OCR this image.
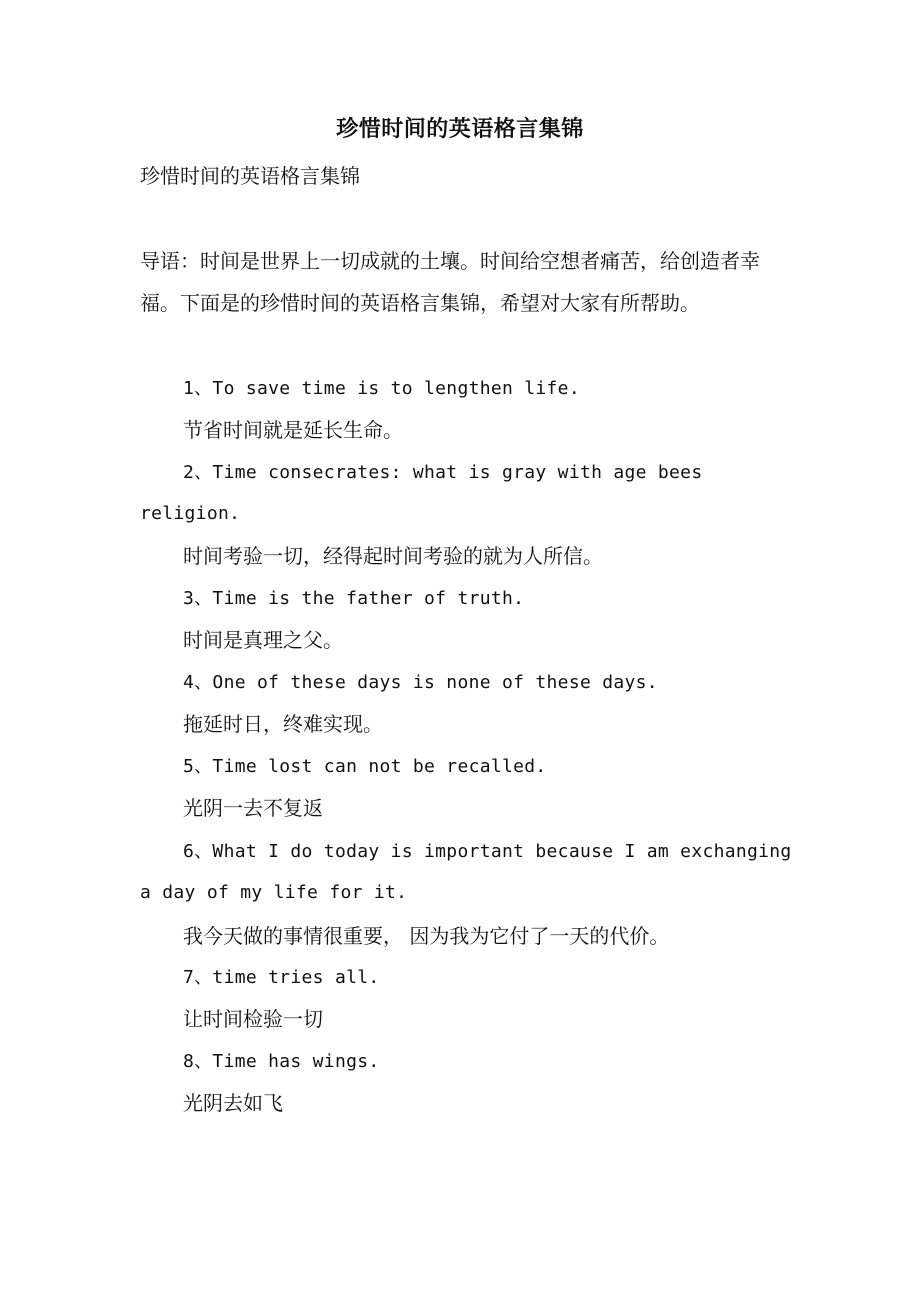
珍惜时间的英语格言集锦
珍惜时间的英语格言集锦
导语：时间是世界上一切成就的土壤。时间给空想者痛苦，给创造者幸福。下面是的珍惜时间的英语格言集锦，希望对大家有所帮助。
1、To save time is to lengthen life.
节省时间就是延长生命。
2、Time consecrates: what is gray with age bees
religion.
时间考验一切，经得起时间考验的就为人所信。
3、Time is the father of truth.
时间是真理之父。
4、One of these days is none of these days.
拖延时日，终难实现。
5、Time lost can not be recalled.
光阴一去不复返
6、What I do today is important because I am exchanging
a day of my life for it.
我今天做的事情很重要， 因为我为它付了一天的代价。
7、time tries all.
让时间检验一切
8、Time has wings.
光阴去如飞
